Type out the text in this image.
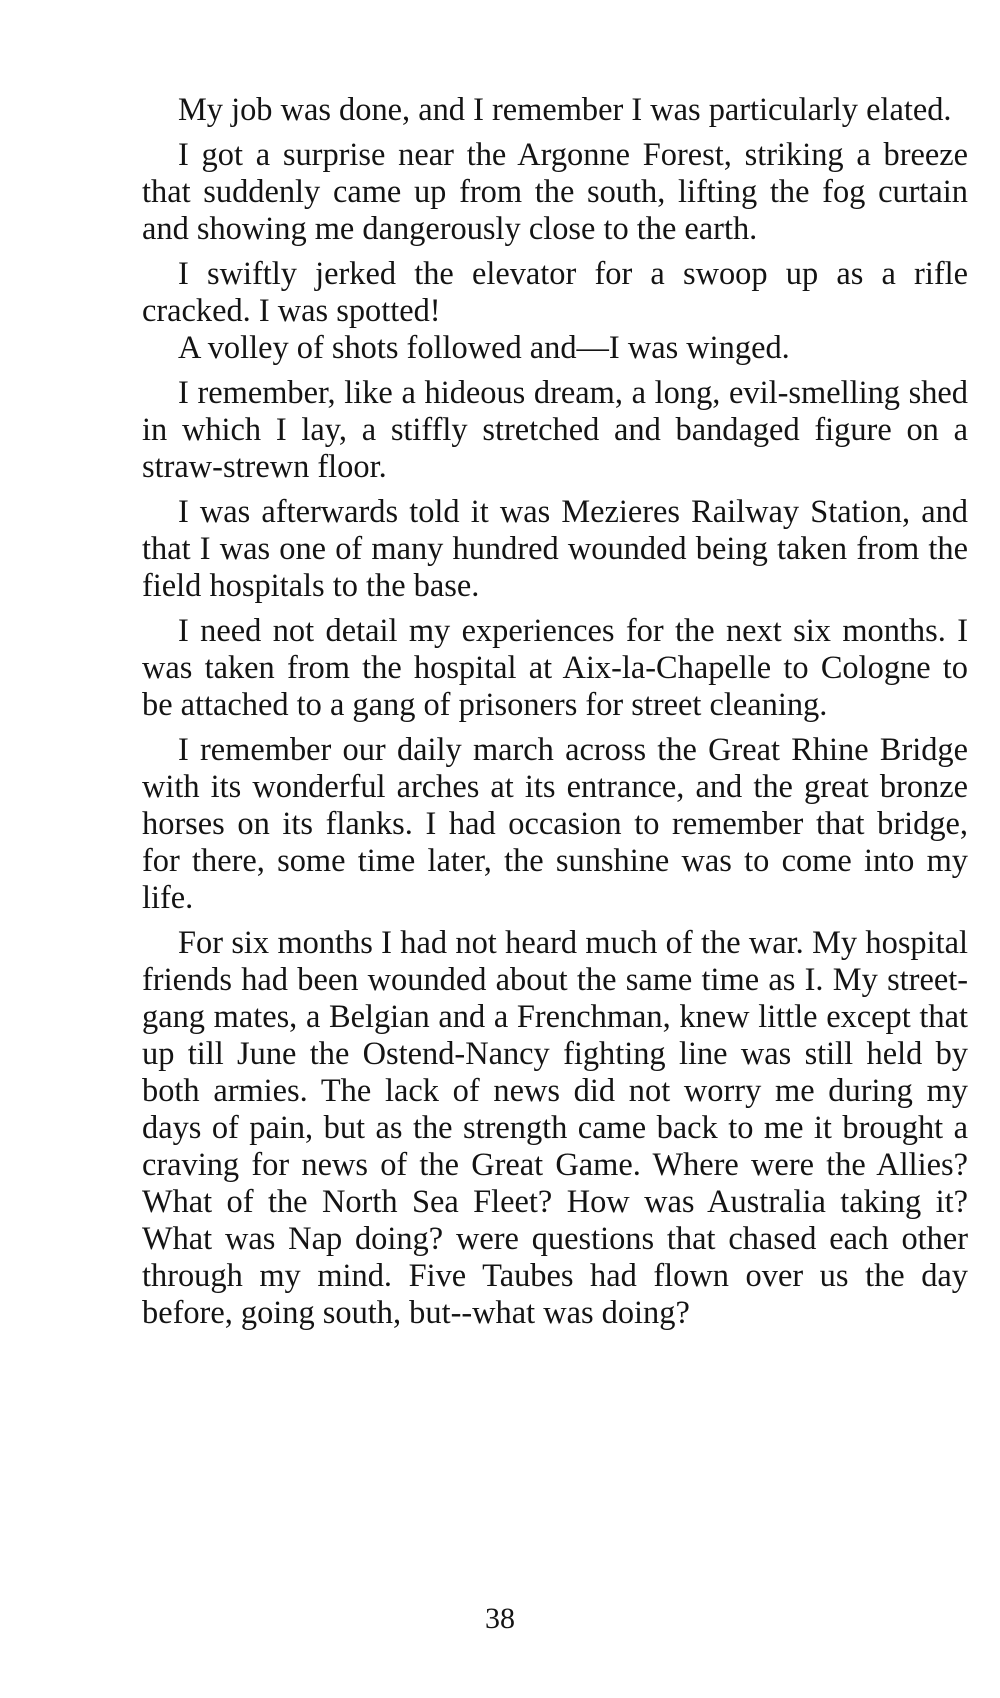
My job was done, and I remember I was particularly elated.

I got a surprise near the Argonne Forest, striking a breeze that suddenly came up from the south, lifting the fog curtain and showing me dangerously close to the earth.

I swiftly jerked the elevator for a swoop up as a rifle cracked. I was spotted!

A volley of shots followed and—I was winged.

I remember, like a hideous dream, a long, evil-smelling shed in which I lay, a stiffly stretched and bandaged figure on a straw-strewn floor.

I was afterwards told it was Mezieres Railway Station, and that I was one of many hundred wounded being taken from the field hospitals to the base.

I need not detail my experiences for the next six months. I was taken from the hospital at Aix-la-Chapelle to Cologne to be attached to a gang of prisoners for street cleaning.

I remember our daily march across the Great Rhine Bridge with its wonderful arches at its entrance, and the great bronze horses on its flanks. I had occasion to remember that bridge, for there, some time later, the sunshine was to come into my life.

For six months I had not heard much of the war. My hospital friends had been wounded about the same time as I. My street-gang mates, a Belgian and a Frenchman, knew little except that up till June the Ostend-Nancy fighting line was still held by both armies. The lack of news did not worry me during my days of pain, but as the strength came back to me it brought a craving for news of the Great Game. Where were the Allies? What of the North Sea Fleet? How was Australia taking it? What was Nap doing? were questions that chased each other through my mind. Five Taubes had flown over us the day before, going south, but--what was doing?

38
